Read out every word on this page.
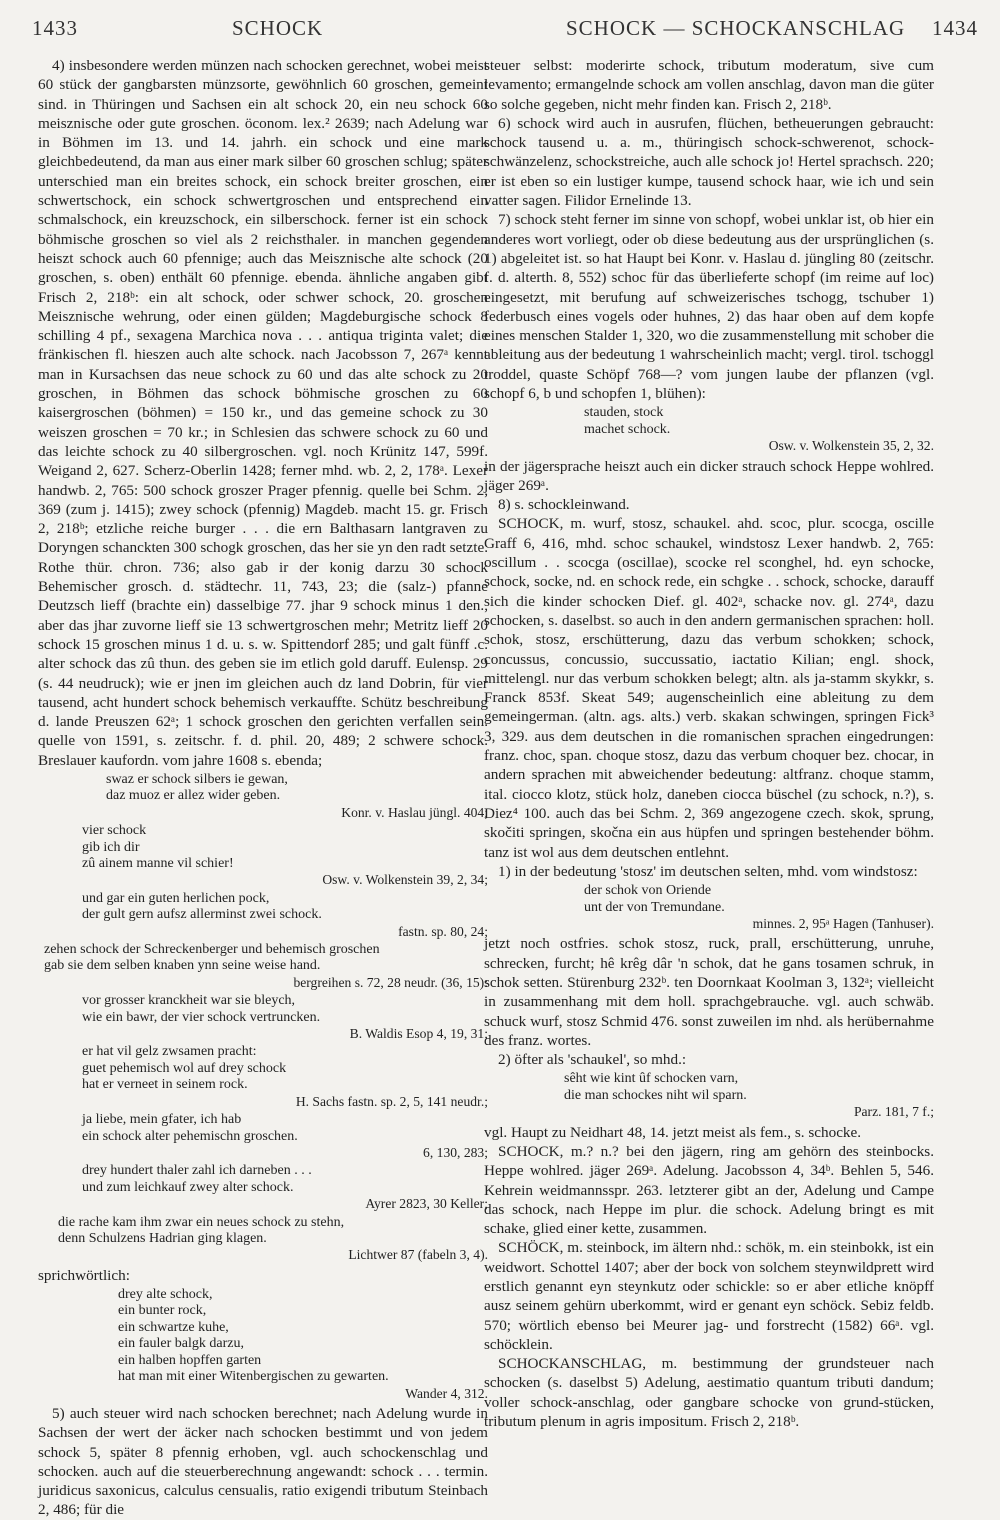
1433	SCHOCK	SCHOCK — SCHOCKANSCHLAG 1434

4) insbesondere werden münzen nach schocken gerechnet, wobei meist 60 stück der gangbarsten münzsorte, gewöhnlich 60 groschen, gemeint sind. in Thüringen und Sachsen ein alt schock 20, ein neu schock 60 meisznische oder gute groschen. öconom. lex.² 2639; nach Adelung war in Böhmen im 13. und 14. jahrh. ein schock und eine mark gleichbedeutend, da man aus einer mark silber 60 groschen schlug; später unterschied man ein breites schock, ein schock breiter groschen, ein schwertschock, ein schock schwertgroschen und entsprechend ein schmalschock, ein kreuzschock, ein silberschock. ferner ist ein schock böhmische groschen so viel als 2 reichsthaler. in manchen gegenden heiszt schock auch 60 pfennige; auch das Meisznische alte schock (20 groschen, s. oben) enthält 60 pfennige. ebenda. ähnliche angaben gibt Frisch 2, 218ᵇ: ein alt schock, oder schwer schock, 20. groschen Meisznische wehrung, oder einen gülden; Magdeburgische schock 8 schilling 4 pf., sexagena Marchica nova . . . antiqua triginta valet; die fränkischen fl. hieszen auch alte schock. nach Jacobsson 7, 267ᵃ kennt man in Kursachsen das neue schock zu 60 und das alte schock zu 20 groschen, in Böhmen das schock böhmische groschen zu 60 kaisergroschen (böhmen) = 150 kr., und das gemeine schock zu 30 weiszen groschen = 70 kr.; in Schlesien das schwere schock zu 60 und das leichte schock zu 40 silbergroschen. vgl. noch Krünitz 147, 599f. Weigand 2, 627. Scherz-Oberlin 1428; ferner mhd. wb. 2, 2, 178ᵃ. Lexer handwb. 2, 765: 500 schock groszer Prager pfennig. quelle bei Schm. 2, 369 (zum j. 1415); zwey schock (pfennig) Magdeb. macht 15. gr. Frisch 2, 218ᵇ; etzliche reiche burger . . . die ern Balthasarn lantgraven zu Doryngen schanckten 300 schogk groschen, das her sie yn den radt setzte. Rothe thür. chron. 736; also gab ir der konig darzu 30 schock Behemischer grosch. d. städtechr. 11, 743, 23; die (salz-) pfanne Deutzsch lieff (brachte ein) dasselbige 77. jhar 9 schock minus 1 den., aber das jhar zuvorne lieff sie 13 schwertgroschen mehr; Metritz lieff 20 schock 15 groschen minus 1 d. u. s. w. Spittendorf 285; und galt fünff .c. alter schock das zû thun. des geben sie im etlich gold daruff. Eulensp. 29 (s. 44 neudruck); wie er jnen im gleichen auch dz land Dobrin, für vier tausend, acht hundert schock behemisch verkauffte. Schütz beschreibung d. lande Preuszen 62ᵃ; 1 schock groschen den gerichten verfallen sein. quelle von 1591, s. zeitschr. f. d. phil. 20, 489; 2 schwere schock. Breslauer kaufordn. vom jahre 1608 s. ebenda;

swaz er schock silbers ie gewan,
daz muoz er allez wider geben.
Konr. v. Haslau jüngl. 404;
vier schock
gib ich dir
zû ainem manne vil schier!
Osw. v. Wolkenstein 39, 2, 34;
und gar ein guten herlichen pock,
der gult gern aufsz allerminst zwei schock.
fastn. sp. 80, 24;
zehen schock der Schreckenberger und behemisch groschen
gab sie dem selben knaben ynn seine weise hand.
bergreihen s. 72, 28 neudr. (36, 15):
vor grosser kranckheit war sie bleych,
wie ein bawr, der vier schock vertruncken.
B. Waldis Esop 4, 19, 31;
er hat vil gelz zwsamen pracht:
guet pehemisch wol auf drey schock
hat er verneet in seinem rock.
H. Sachs fastn. sp. 2, 5, 141 neudr.;
ja liebe, mein gfater, ich hab
ein schock alter pehemischn groschen.
6, 130, 283;
drey hundert thaler zahl ich darneben . . .
und zum leichkauf zwey alter schock.
Ayrer 2823, 30 Keller;
die rache kam ihm zwar ein neues schock zu stehn,
denn Schulzens Hadrian ging klagen.
Lichtwer 87 (fabeln 3, 4).

sprichwörtlich:

drey alte schock,
ein bunter rock,
ein schwartze kuhe,
ein fauler balgk darzu,
ein halben hopffen garten
hat man mit einer Witenbergischen zu gewarten.
Wander 4, 312.

5) auch steuer wird nach schocken berechnet; nach Adelung wurde in Sachsen der wert der äcker nach schocken bestimmt und von jedem schock 5, später 8 pfennig erhoben, vgl. auch schockenschlag und schocken. auch auf die steuerberechnung angewandt: schock . . . termin. juridicus saxonicus, calculus censualis, ratio exigendi tributum Steinbach 2, 486; für die

steuer selbst: moderirte schock, tributum moderatum, sive cum levamento; ermangelnde schock am vollen anschlag, davon man die güter so solche gegeben, nicht mehr finden kan. Frisch 2, 218ᵇ.

6) schock wird auch in ausrufen, flüchen, betheuerungen gebraucht: schock tausend u. a. m., thüringisch schock-schwerenot, schock-schwänzelenz, schockstreiche, auch alle schock jo! Hertel sprachsch. 220; er ist eben so ein lustiger kumpe, tausend schock haar, wie ich und sein vatter sagen. Filidor Ernelinde 13.

7) schock steht ferner im sinne von schopf, wobei unklar ist, ob hier ein anderes wort vorliegt, oder ob diese bedeutung aus der ursprünglichen (s. 1) abgeleitet ist. so hat Haupt bei Konr. v. Haslau d. jüngling 80 (zeitschr. f. d. alterth. 8, 552) schoc für das überlieferte schopf (im reime auf loc) eingesetzt, mit berufung auf schweizerisches tschogg, tschuber 1) federbusch eines vogels oder huhnes, 2) das haar oben auf dem kopfe eines menschen Stalder 1, 320, wo die zusammenstellung mit schober die ableitung aus der bedeutung 1 wahrscheinlich macht; vergl. tirol. tschoggl troddel, quaste Schöpf 768—? vom jungen laube der pflanzen (vgl. schopf 6, b und schopfen 1, blühen):

stauden, stock
machet schock.
Osw. v. Wolkenstein 35, 2, 32.

in der jägersprache heiszt auch ein dicker strauch schock Heppe wohlred. jäger 269ᵃ.

8) s. schockleinwand.

SCHOCK, m. wurf, stosz, schaukel. ahd. scoc, plur. scocga, oscille Graff 6, 416, mhd. schoc schaukel, windstosz Lexer handwb. 2, 765: oscillum . . scocga (oscillae), scocke rel sconghel, hd. eyn schocke, schock, socke, nd. en schock rede, ein schgke . . schock, schocke, darauff sich die kinder schocken Dief. gl. 402ᵃ, schacke nov. gl. 274ᵃ, dazu schocken, s. daselbst. so auch in den andern germanischen sprachen: holl. schok, stosz, erschütterung, dazu das verbum schokken; schock, concussus, concussio, succussatio, iactatio Kilian; engl. shock, mittelengl. nur das verbum schokken belegt; altn. als ja-stamm skykkr, s. Franck 853f. Skeat 549; augenscheinlich eine ableitung zu dem gemeingerman. (altn. ags. alts.) verb. skakan schwingen, springen Fick³ 3, 329. aus dem deutschen in die romanischen sprachen eingedrungen: franz. choc, span. choque stosz, dazu das verbum choquer bez. chocar, in andern sprachen mit abweichender bedeutung: altfranz. choque stamm, ital. ciocco klotz, stück holz, daneben ciocca büschel (zu schock, n.?), s. Diez⁴ 100. auch das bei Schm. 2, 369 angezogene czech. skok, sprung, skočiti springen, skočna ein aus hüpfen und springen bestehender böhm. tanz ist wol aus dem deutschen entlehnt.

1) in der bedeutung 'stosz' im deutschen selten, mhd. vom windstosz:

der schok von Oriende
unt der von Tremundane.
minnes. 2, 95ᵃ Hagen (Tanhuser).

jetzt noch ostfries. schok stosz, ruck, prall, erschütterung, unruhe, schrecken, furcht; hê krêg dâr 'n schok, dat he gans tosamen schruk, in schok setten. Stürenburg 232ᵇ. ten Doornkaat Koolman 3, 132ᵃ; vielleicht in zusammenhang mit dem holl. sprachgebrauche. vgl. auch schwäb. schuck wurf, stosz Schmid 476. sonst zuweilen im nhd. als herübernahme des franz. wortes.

2) öfter als 'schaukel', so mhd.:

sêht wie kint ûf schocken varn,
die man schockes niht wil sparn.
Parz. 181, 7 f.;

vgl. Haupt zu Neidhart 48, 14. jetzt meist als fem., s. schocke.

SCHOCK, m.? n.? bei den jägern, ring am gehörn des steinbocks. Heppe wohlred. jäger 269ᵃ. Adelung. Jacobsson 4, 34ᵇ. Behlen 5, 546. Kehrein weidmannsspr. 263. letzterer gibt an der, Adelung und Campe das schock, nach Heppe im plur. die schock. Adelung bringt es mit schake, glied einer kette, zusammen.

SCHÖCK, m. steinbock, im ältern nhd.: schök, m. ein steinbokk, ist ein weidwort. Schottel 1407; aber der bock von solchem steynwildprett wird erstlich genannt eyn steynkutz oder schickle: so er aber etliche knöpff ausz seinem gehürn uberkommt, wird er genant eyn schöck. Sebiz feldb. 570; wörtlich ebenso bei Meurer jag- und forstrecht (1582) 66ᵃ. vgl. schöcklein.

SCHOCKANSCHLAG, m. bestimmung der grundsteuer nach schocken (s. daselbst 5) Adelung, aestimatio quantum tributi dandum; voller schock-anschlag, oder gangbare schocke von grund-stücken, tributum plenum in agris impositum. Frisch 2, 218ᵇ.
